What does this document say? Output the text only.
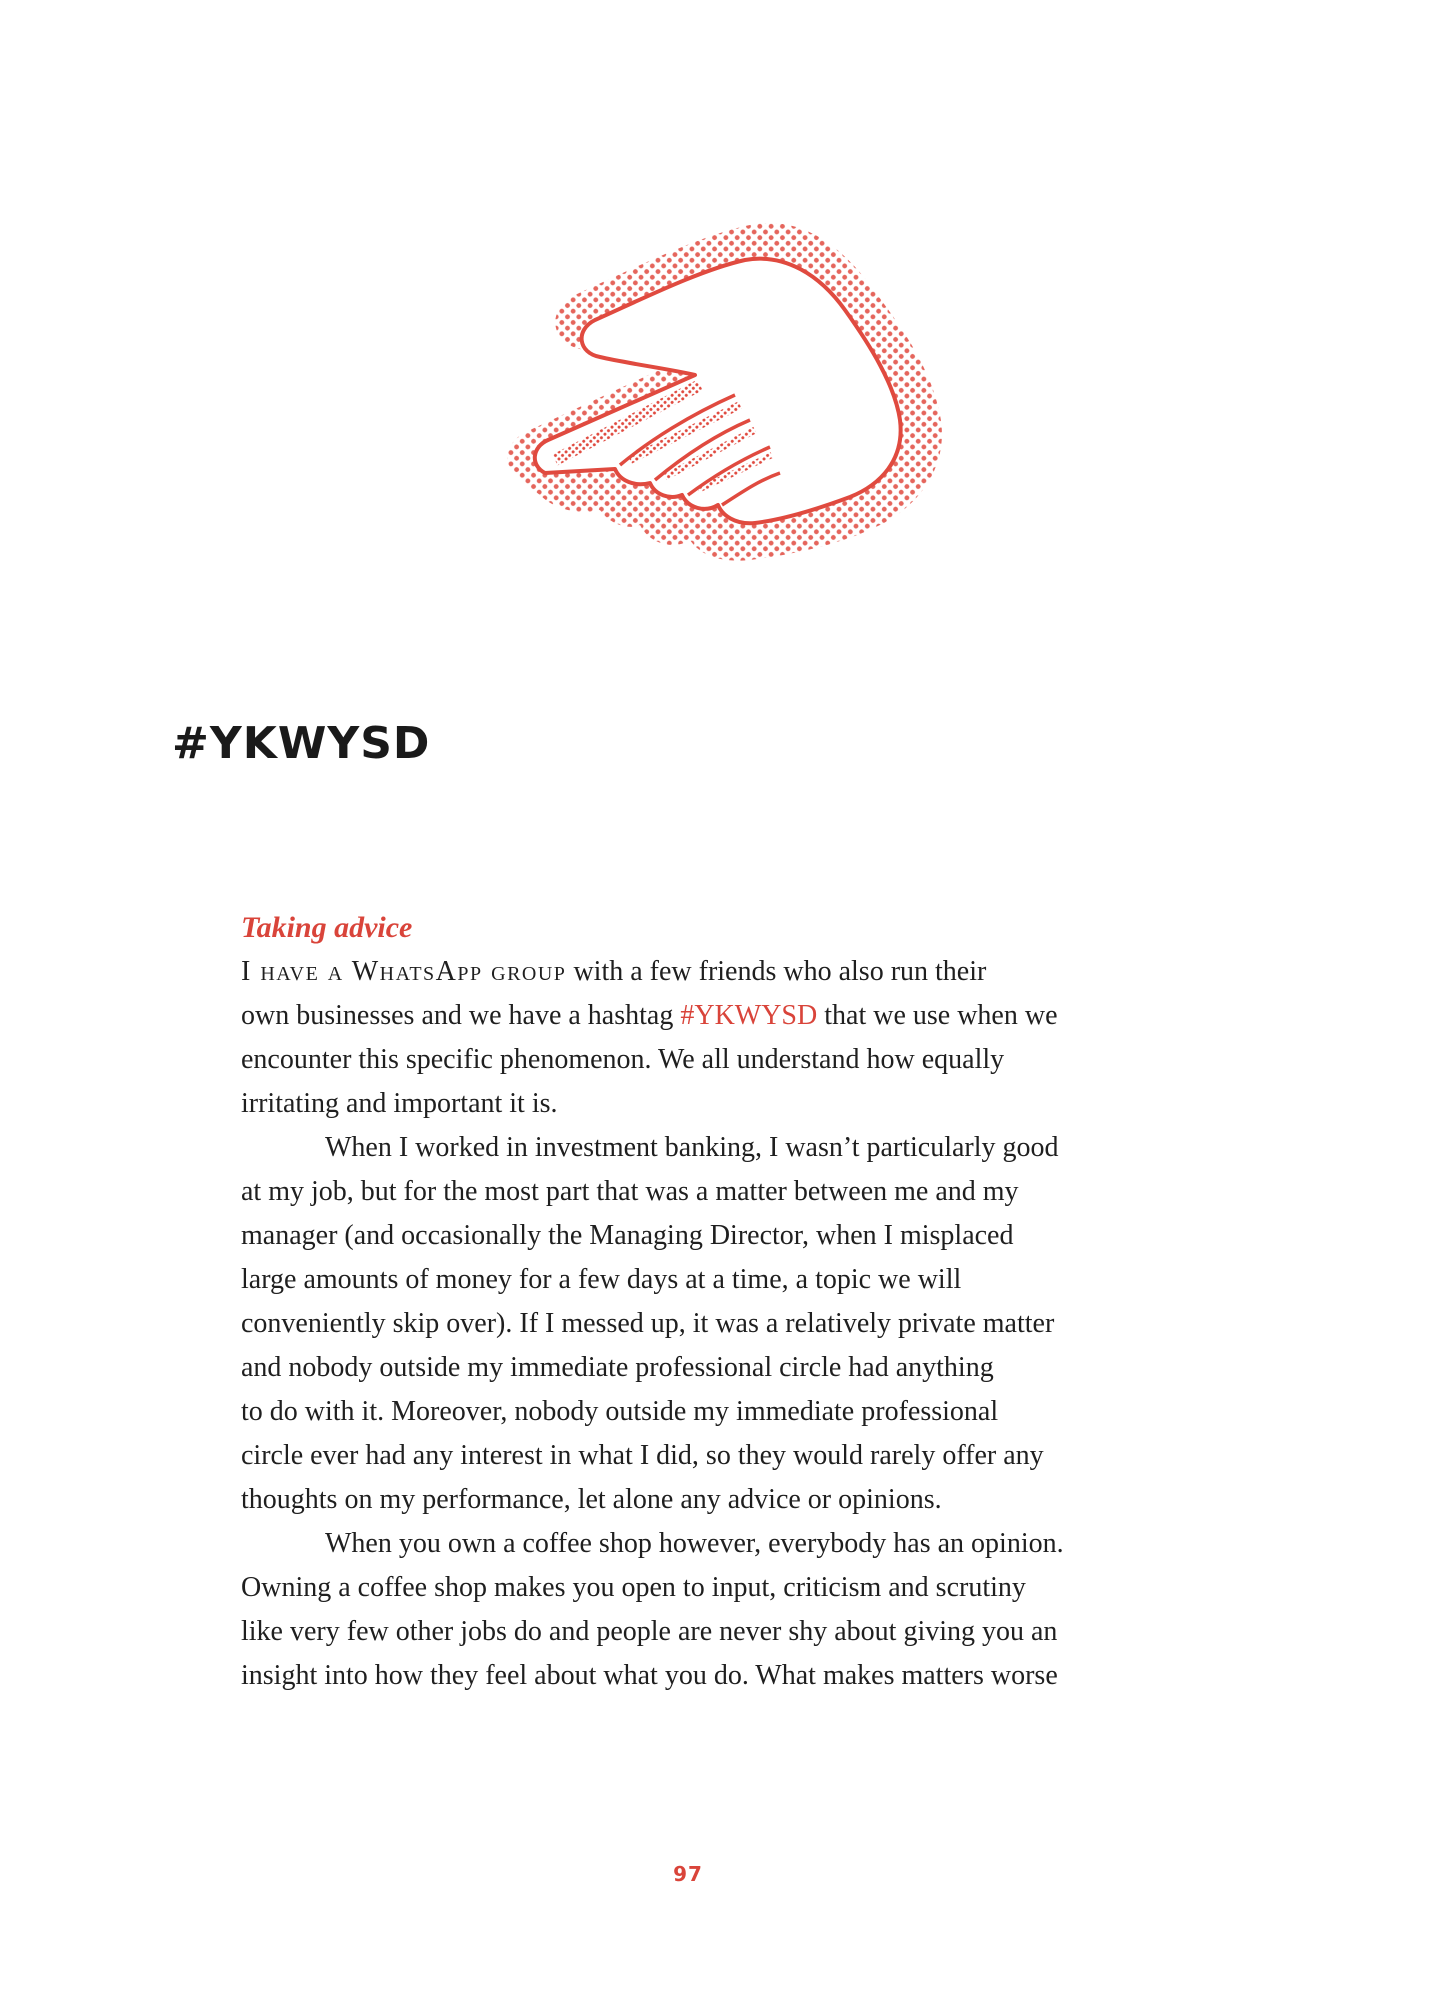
#YKWYSD
Taking advice

I have a WhatsApp group with a few friends who also run their
own businesses and we have a hashtag #YKWYSD that we use when we
encounter this specific phenomenon. We all understand how equally
irritating and important it is.

When I worked in investment banking, I wasn’t particularly good
at my job, but for the most part that was a matter between me and my
manager (and occasionally the Managing Director, when I misplaced
large amounts of money for a few days at a time, a topic we will
conveniently skip over). If I messed up, it was a relatively private matter
and nobody outside my immediate professional circle had anything
to do with it. Moreover, nobody outside my immediate professional
circle ever had any interest in what I did, so they would rarely offer any
thoughts on my performance, let alone any advice or opinions.

When you own a coffee shop however, everybody has an opinion.
Owning a coffee shop makes you open to input, criticism and scrutiny
like very few other jobs do and people are never shy about giving you an
insight into how they feel about what you do. What makes matters worse

97
